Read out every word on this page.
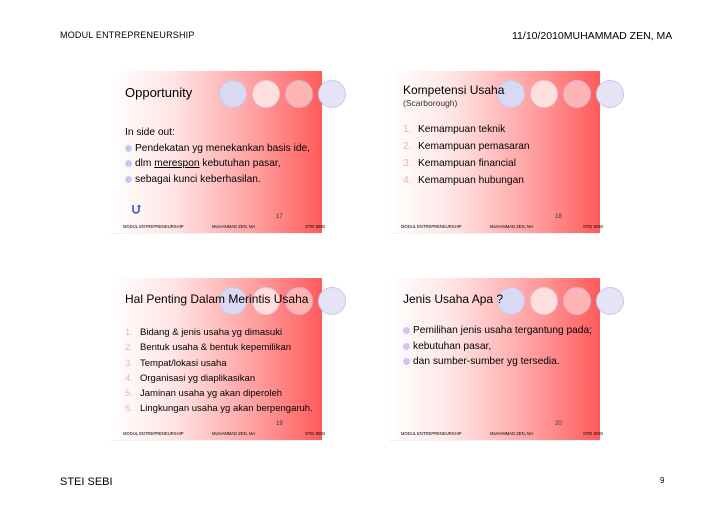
MODUL ENTREPRENEURSHIP	11/10/2010MUHAMMAD ZEN, MA
Opportunity
In side out:
Pendekatan yg menekankan basis ide,
dlm merespon kebutuhan pasar,
sebagai kunci keberhasilan.
17
MODUL ENTREPRENEURSHIP	MUHAMMAD ZEN, MA	STEI SEBI
Kompetensi Usaha
(Scarborough)
1. Kemampuan teknik
2. Kemampuan pemasaran
3. Kemampuan financial
4. Kemampuan hubungan
18
MODUL ENTREPRENEURSHIP	MUHAMMAD ZEN, MA	STEI SEBI
Hal Penting Dalam Merintis Usaha
1. Bidang & jenis usaha yg dimasuki
2. Bentuk usaha & bentuk kepemilikan
3. Tempat/lokasi usaha
4. Organisasi yg diaplikasikan
5. Jaminan usaha yg akan diperoleh
6. Lingkungan usaha yg akan berpengaruh.
19
MODUL ENTREPRENEURSHIP	MUHAMMAD ZEN, MA	STEI SEBI
Jenis Usaha Apa ?
Pemilihan jenis usaha tergantung pada;
kebutuhan pasar,
dan sumber-sumber yg tersedia.
20
MODUL ENTREPRENEURSHIP	MUHAMMAD ZEN, MA	STEI SEBI
STEI SEBI	9
